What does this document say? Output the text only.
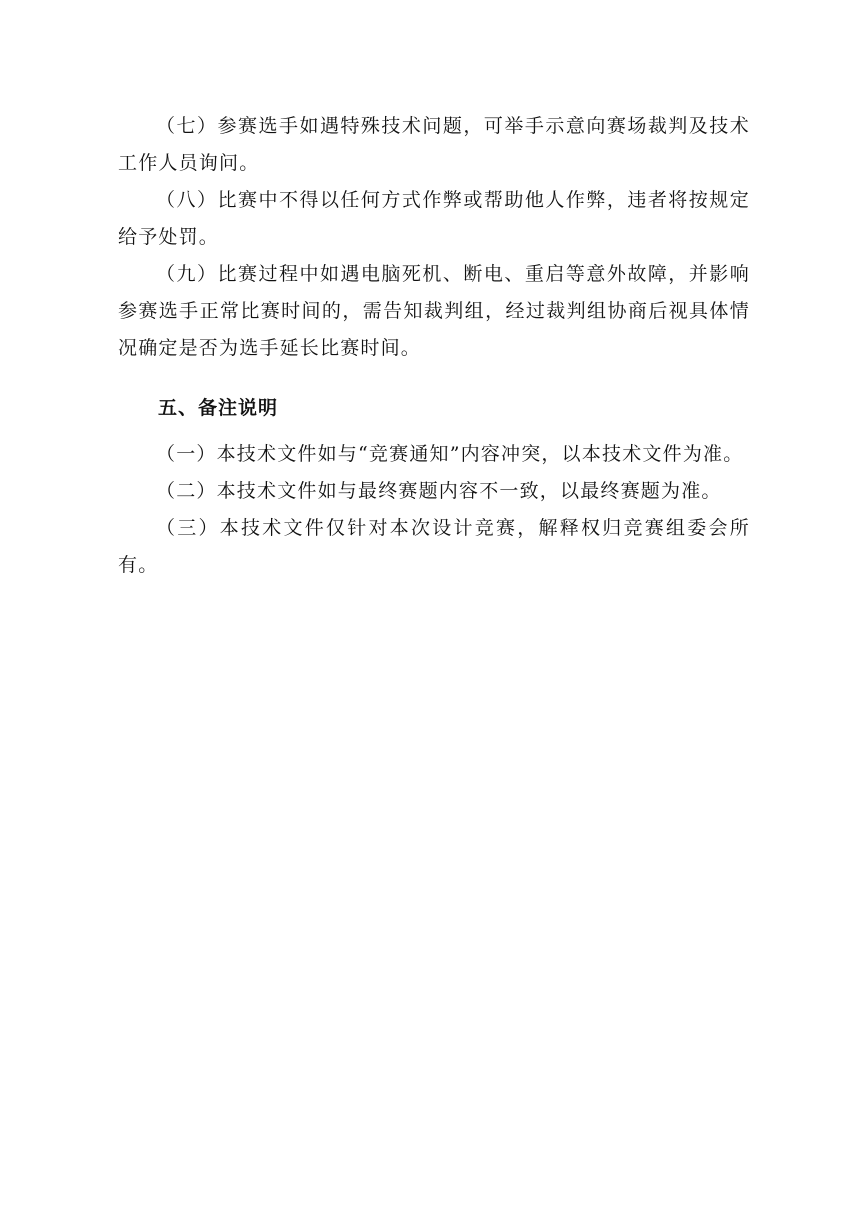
（七）参赛选手如遇特殊技术问题，可举手示意向赛场裁判及技术工作人员询问。

（八）比赛中不得以任何方式作弊或帮助他人作弊，违者将按规定给予处罚。

（九）比赛过程中如遇电脑死机、断电、重启等意外故障，并影响参赛选手正常比赛时间的，需告知裁判组，经过裁判组协商后视具体情况确定是否为选手延长比赛时间。

五、备注说明

（一）本技术文件如与“竞赛通知”内容冲突，以本技术文件为准。

（二）本技术文件如与最终赛题内容不一致，以最终赛题为准。

（三）本技术文件仅针对本次设计竞赛，解释权归竞赛组委会所有。
